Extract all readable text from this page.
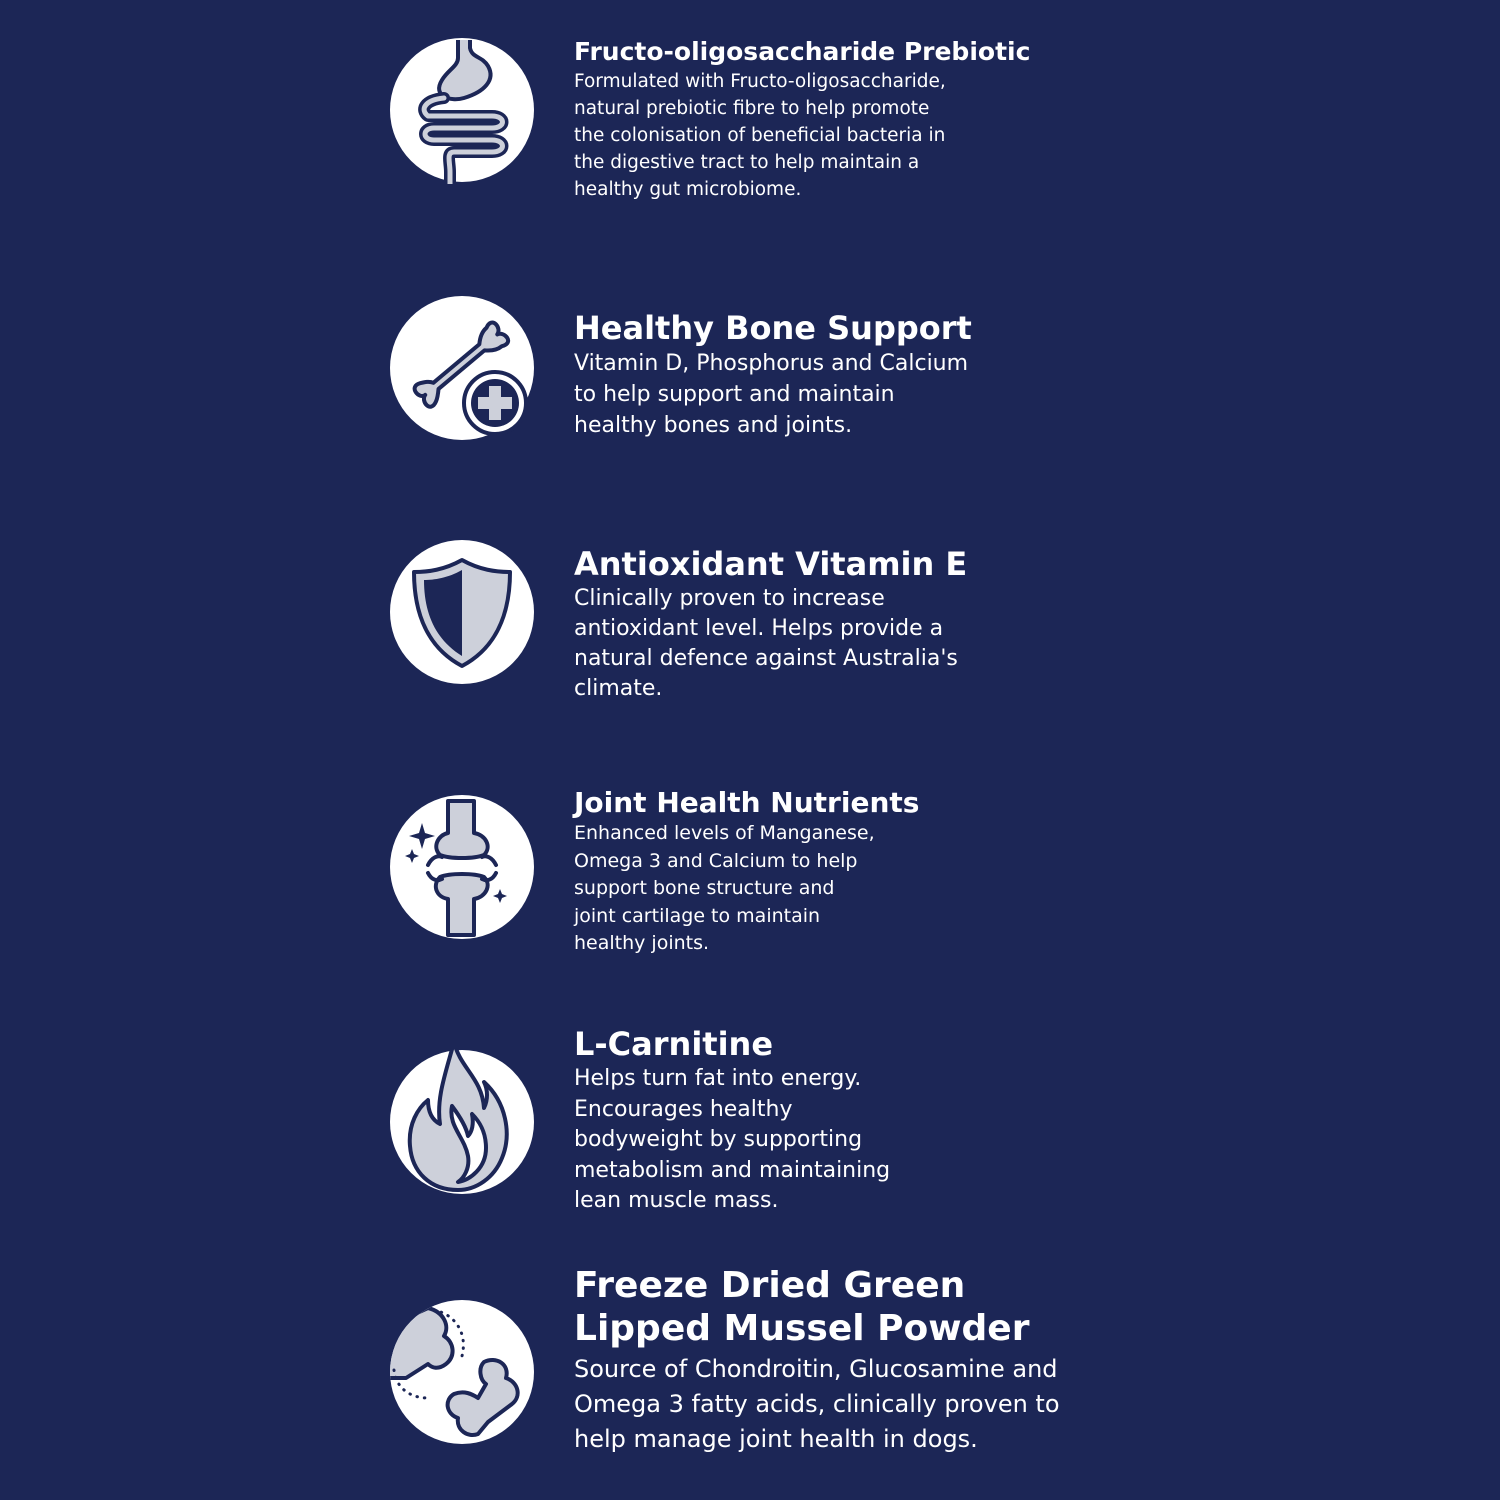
Fructo-oligosaccharide Prebiotic

Formulated with Fructo-oligosaccharide,
natural prebiotic fibre to help promote
the colonisation of beneficial bacteria in
the digestive tract to help maintain a
healthy gut microbiome.

Healthy Bone Support

Vitamin D, Phosphorus and Calcium
to help support and maintain
healthy bones and joints.

Antioxidant Vitamin E

Clinically proven to increase
antioxidant level. Helps provide a
natural defence against Australia's
climate.

Joint Health Nutrients

Enhanced levels of Manganese,
Omega 3 and Calcium to help
support bone structure and
joint cartilage to maintain
healthy joints.

L-Carnitine

Helps turn fat into energy.
Encourages healthy
bodyweight by supporting
metabolism and maintaining
lean muscle mass.

Freeze Dried Green
Lipped Mussel Powder

Source of Chondroitin, Glucosamine and
Omega 3 fatty acids, clinically proven to
help manage joint health in dogs.
